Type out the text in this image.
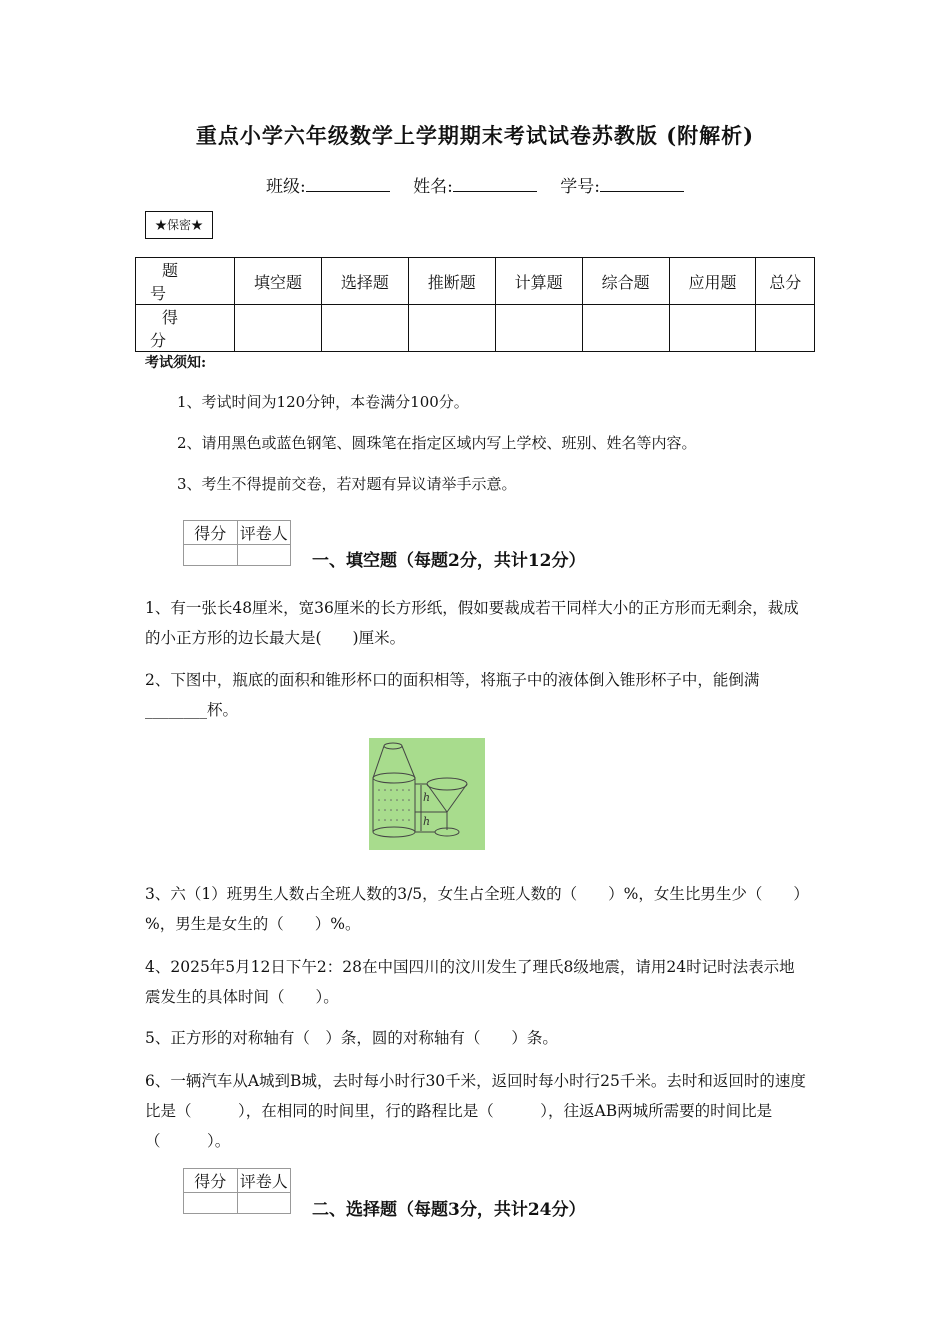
重点小学六年级数学上学期期末考试试卷苏教版 (附解析)
班级:	姓名:	学号:
★保密★
题　号	填空题	选择题	推断题	计算题	综合题	应用题	总分
得　分							
考试须知:
1、考试时间为120分钟，本卷满分100分。
2、请用黑色或蓝色钢笔、圆珠笔在指定区域内写上学校、班别、姓名等内容。
3、考生不得提前交卷，若对题有异议请举手示意。
得分	评卷人

一、填空题（每题2分，共计12分）
1、有一张长48厘米，宽36厘米的长方形纸，假如要裁成若干同样大小的正方形而无剩余，裁成的小正方形的边长最大是(　　)厘米。
2、下图中，瓶底的面积和锥形杯口的面积相等，将瓶子中的液体倒入锥形杯子中，能倒满________杯。
h
h
3、六（1）班男生人数占全班人数的3/5，女生占全班人数的（　　）%，女生比男生少（　　）%，男生是女生的（　　）%。
4、2025年5月12日下午2：28在中国四川的汶川发生了理氏8级地震，请用24时记时法表示地震发生的具体时间（　　）。
5、正方形的对称轴有（　）条，圆的对称轴有（　　）条。
6、一辆汽车从A城到B城，去时每小时行30千米，返回时每小时行25千米。去时和返回时的速度比是（　　　），在相同的时间里，行的路程比是（　　　），往返AB两城所需要的时间比是（　　　）。
得分	评卷人

二、选择题（每题3分，共计24分）
